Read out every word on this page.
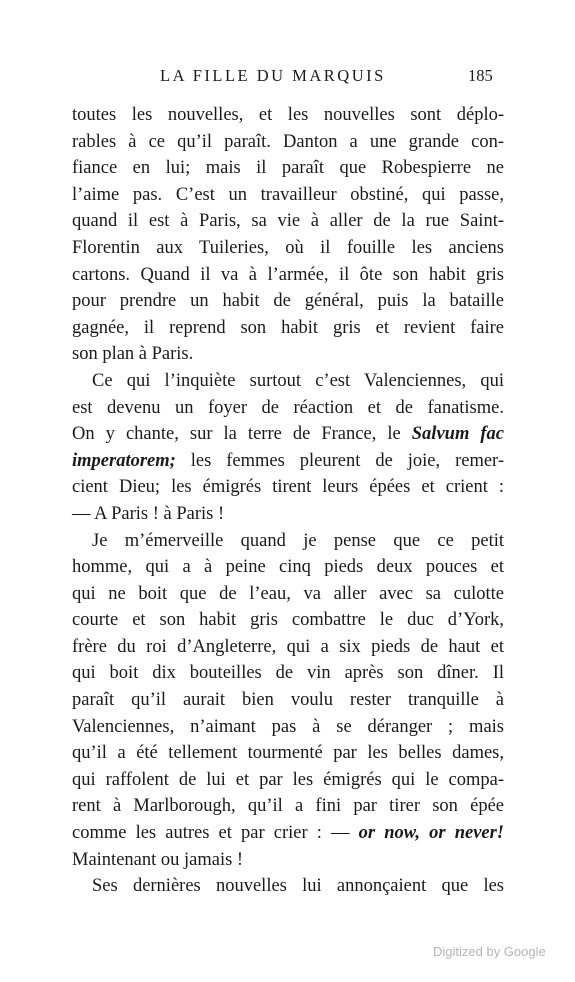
LA FILLE DU MARQUIS	185
toutes les nouvelles, et les nouvelles sont déplo-
rables à ce qu’il paraît. Danton a une grande con-
fiance en lui; mais il paraît que Robespierre ne
l’aime pas. C’est un travailleur obstiné, qui passe,
quand il est à Paris, sa vie à aller de la rue Saint-
Florentin aux Tuileries, où il fouille les anciens
cartons. Quand il va à l’armée, il ôte son habit gris
pour prendre un habit de général, puis la bataille
gagnée, il reprend son habit gris et revient faire
son plan à Paris.
Ce qui l’inquiète surtout c’est Valenciennes, qui
est devenu un foyer de réaction et de fanatisme.
On y chante, sur la terre de France, le Salvum fac
imperatorem; les femmes pleurent de joie, remer-
cient Dieu; les émigrés tirent leurs épées et crient :
— A Paris ! à Paris !
Je m’émerveille quand je pense que ce petit
homme, qui a à peine cinq pieds deux pouces et
qui ne boit que de l’eau, va aller avec sa culotte
courte et son habit gris combattre le duc d’York,
frère du roi d’Angleterre, qui a six pieds de haut et
qui boit dix bouteilles de vin après son dîner. Il
paraît qu’il aurait bien voulu rester tranquille à
Valenciennes, n’aimant pas à se déranger ; mais
qu’il a été tellement tourmenté par les belles dames,
qui raffolent de lui et par les émigrés qui le compa-
rent à Marlborough, qu’il a fini par tirer son épée
comme les autres et par crier : — or now, or never!
Maintenant ou jamais !
Ses dernières nouvelles lui annonçaient que les
Digitized by Google
